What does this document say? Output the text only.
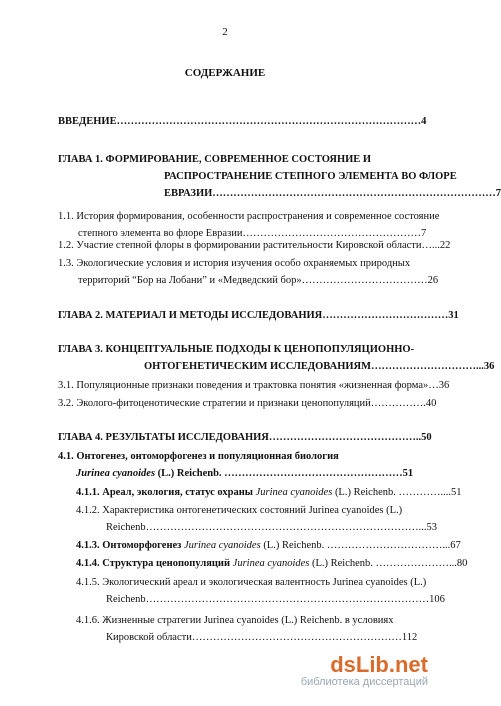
2
СОДЕРЖАНИЕ
ВВЕДЕНИЕ……………………………………………………………………………4
ГЛАВА 1. ФОРМИРОВАНИЕ, СОВРЕМЕННОЕ СОСТОЯНИЕ И
РАСПРОСТРАНЕНИЕ СТЕПНОГО ЭЛЕМЕНТА ВО ФЛОРЕ
ЕВРАЗИИ………………………………………………………………………7
1.1. История формирования, особенности распространения и современное состояние
степного элемента во флоре Евразии……………………………………………7
1.2. Участие степной флоры в формировании растительности Кировской области…...22
1.3. Экологические условия и история изучения особо охраняемых природных
территорий “Бор на Лобани” и «Медведский бор»………………………………26
ГЛАВА 2. МАТЕРИАЛ И МЕТОДЫ ИССЛЕДОВАНИЯ………………………………31
ГЛАВА 3. КОНЦЕПТУАЛЬНЫЕ ПОДХОДЫ К ЦЕНОПОПУЛЯЦИОННО-
ОНТОГЕНЕТИЧЕСКИМ ИССЛЕДОВАНИЯМ…………………………...36
3.1. Популяционные признаки поведения и трактовка понятия «жизненная форма»…36
3.2. Эколого-фитоценотические стратегии и признаки ценопопуляций…………….40
ГЛАВА 4. РЕЗУЛЬТАТЫ ИССЛЕДОВАНИЯ……………………………………..50
4.1. Онтогенез, онтоморфогенез и популяционная биология
Jurinea cyanoides (L.) Reichenb. ……………………………………………51
4.1.1. Ареал, экология, статус охраны Jurinea cyanoides (L.) Reichenb. …………....51
4.1.2. Характеристика онтогенетических состояний Jurinea cyanoides (L.)
Reichenb……………………………………………………………………...53
4.1.3. Онтоморфогенез Jurinea cyanoides (L.) Reichenb. ……………………………...67
4.1.4. Структура ценопопуляций Jurinea cyanoides (L.) Reichenb. …………………...80
4.1.5. Экологический ареал и экологическая валентность Jurinea cyanoides (L.)
Reichenb………………………………………………………………………106
4.1.6. Жизненные стратегии Jurinea cyanoides (L.) Reichenb. в условиях
Кировской области……………………………………………………112
dsLib.net
библиотека диссертаций
